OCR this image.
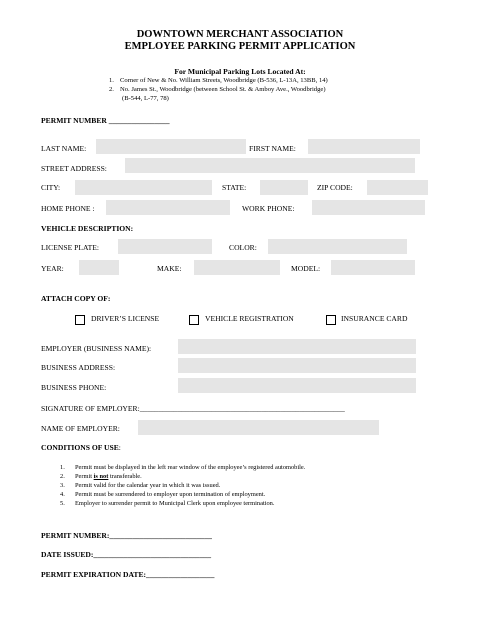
DOWNTOWN MERCHANT ASSOCIATION
EMPLOYEE PARKING PERMIT APPLICATION
For Municipal Parking Lots Located At:
1. Corner of New & No. William Streets, Woodbridge (B-536, L-13A, 13BB, 14)
2. No. James St., Woodbridge (between School St. & Amboy Ave., Woodbridge)
(B-544, L-77, 78)
PERMIT NUMBER ________________
LAST NAME:	FIRST NAME:
STREET ADDRESS:
CITY:	STATE:	ZIP CODE:
HOME PHONE :	WORK PHONE:
VEHICLE DESCRIPTION:
LICENSE PLATE:	COLOR:
YEAR:	MAKE:	MODEL:
ATTACH COPY OF:
DRIVER’S LICENSE	VEHICLE REGISTRATION	INSURANCE CARD
EMPLOYER (BUSINESS NAME):
BUSINESS ADDRESS:
BUSINESS PHONE:
SIGNATURE OF EMPLOYER:______________________________________________________
NAME OF EMPLOYER:
CONDITIONS OF USE:
1. Permit must be displayed in the left rear window of the employee’s registered automobile.
2. Permit is not transferable.
3. Permit valid for the calendar year in which it was issued.
4. Permit must be surrendered to employer upon termination of employment.
5. Employer to surrender permit to Municipal Clerk upon employee termination.
PERMIT NUMBER:___________________________
DATE ISSUED:_______________________________
PERMIT EXPIRATION DATE:__________________
